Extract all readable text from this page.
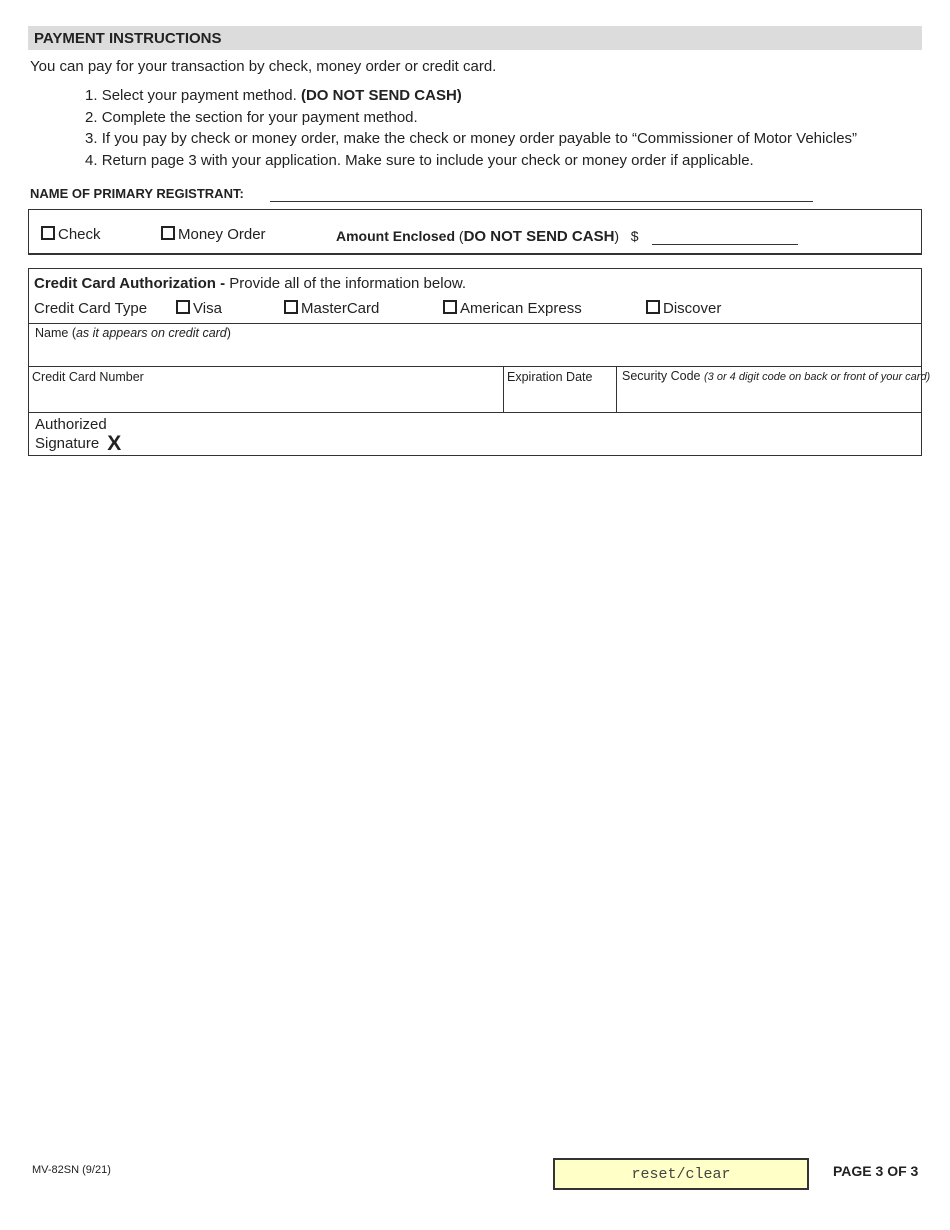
PAYMENT INSTRUCTIONS
You can pay for your transaction by check, money order or credit card.
1. Select your payment method. (DO NOT SEND CASH)
2. Complete the section for your payment method.
3. If you pay by check or money order, make the check or money order payable to “Commissioner of Motor Vehicles”
4. Return page 3 with your application. Make sure to include your check or money order if applicable.
NAME OF PRIMARY REGISTRANT:
Check	Money Order	Amount Enclosed (DO NOT SEND CASH) $
Credit Card Authorization - Provide all of the information below.
Credit Card Type	Visa	MasterCard	American Express	Discover
Name (as it appears on credit card)
Credit Card Number	Expiration Date Security Code (3 or 4 digit code on back or front of your card)
Authorized
Signature X
MV-82SN (9/21)	reset/clear	PAGE 3 OF 3
